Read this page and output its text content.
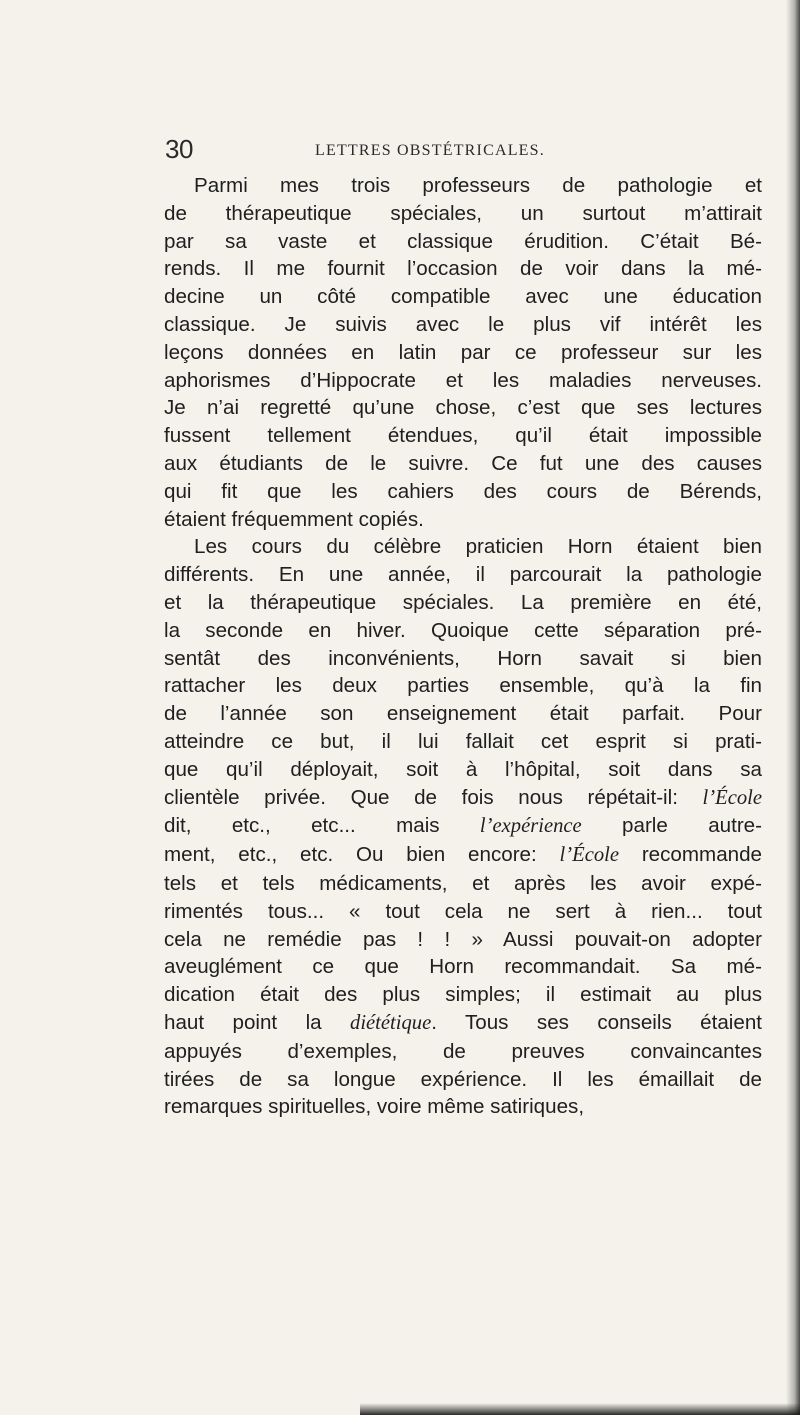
30	LETTRES OBSTÉTRICALES.
Parmi mes trois professeurs de pathologie et
de thérapeutique spéciales, un surtout m’attirait
par sa vaste et classique érudition. C’était Bé-
rends. Il me fournit l’occasion de voir dans la mé-
decine un côté compatible avec une éducation
classique. Je suivis avec le plus vif intérêt les
leçons données en latin par ce professeur sur les
aphorismes d’Hippocrate et les maladies nerveuses.
Je n’ai regretté qu’une chose, c’est que ses lectures
fussent tellement étendues, qu’il était impossible
aux étudiants de le suivre. Ce fut une des causes
qui fit que les cahiers des cours de Bérends,
étaient fréquemment copiés.
Les cours du célèbre praticien Horn étaient bien
différents. En une année, il parcourait la pathologie
et la thérapeutique spéciales. La première en été,
la seconde en hiver. Quoique cette séparation pré-
sentât des inconvénients, Horn savait si bien
rattacher les deux parties ensemble, qu’à la fin
de l’année son enseignement était parfait. Pour
atteindre ce but, il lui fallait cet esprit si prati-
que qu’il déployait, soit à l’hôpital, soit dans sa
clientèle privée. Que de fois nous répétait-il: l’École
dit, etc., etc... mais l’expérience parle autre-
ment, etc., etc. Ou bien encore: l’École recommande
tels et tels médicaments, et après les avoir expé-
rimentés tous... « tout cela ne sert à rien... tout
cela ne remédie pas ! ! » Aussi pouvait-on adopter
aveuglément ce que Horn recommandait. Sa mé-
dication était des plus simples; il estimait au plus
haut point la diététique. Tous ses conseils étaient
appuyés d’exemples, de preuves convaincantes
tirées de sa longue expérience. Il les émaillait de
remarques spirituelles, voire même satiriques,
